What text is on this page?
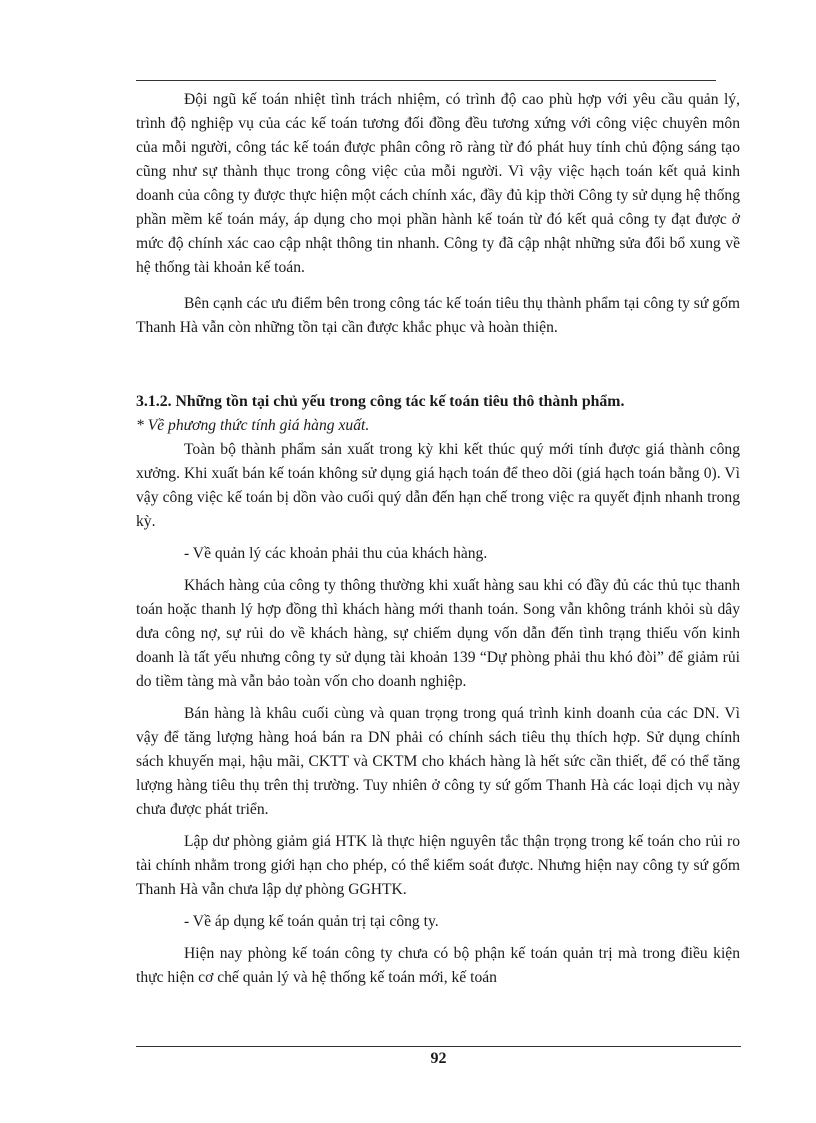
Đội ngũ kế toán nhiệt tình trách nhiệm, có trình độ cao phù hợp với yêu cầu quản lý, trình độ nghiệp vụ của các kế toán tương đối đồng đều tương xứng với công việc chuyên môn của mỗi người, công tác kế toán được phân công rõ ràng từ đó phát huy tính chủ động sáng tạo cũng như sự thành thục trong công việc của mỗi người. Vì vậy việc hạch toán kết quả kinh doanh của công ty được thực hiện một cách chính xác, đầy đủ kịp thời Công ty sử dụng hệ thống phần mềm kế toán máy, áp dụng cho mọi phần hành kế toán từ đó kết quả công ty đạt được ở mức độ chính xác cao cập nhật thông tin nhanh. Công ty đã cập nhật những sửa đổi bổ xung về hệ thống tài khoản kế toán.

Bên cạnh các ưu điểm bên trong công tác kế toán tiêu thụ thành phẩm tại công ty sứ gốm Thanh Hà vẫn còn những tồn tại cần được khắc phục và hoàn thiện.

3.1.2. Những tồn tại chủ yếu trong công tác kế toán tiêu thô thành phẩm.

* Về phương thức tính giá hàng xuất.

Toàn bộ thành phẩm sản xuất trong kỳ khi kết thúc quý mới tính được giá thành công xưởng. Khi xuất bán kế toán không sử dụng giá hạch toán để theo dõi (giá hạch toán bằng 0). Vì vậy công việc kế toán bị dồn vào cuối quý dẫn đến hạn chế trong việc ra quyết định nhanh trong kỳ.

- Về quản lý các khoản phải thu của khách hàng.

Khách hàng của công ty thông thường khi xuất hàng sau khi có đầy đủ các thủ tục thanh toán hoặc thanh lý hợp đồng thì khách hàng mới thanh toán. Song vẫn không tránh khỏi sù dây dưa công nợ, sự rủi do về khách hàng, sự chiếm dụng vốn dẫn đến tình trạng thiếu vốn kinh doanh là tất yếu nhưng công ty sử dụng tài khoản 139 “Dự phòng phải thu khó đòi” để giảm rủi do tiềm tàng mà vẫn bảo toàn vốn cho doanh nghiệp.

Bán hàng là khâu cuối cùng và quan trọng trong quá trình kinh doanh của các DN. Vì vậy để tăng lượng hàng hoá bán ra DN phải có chính sách tiêu thụ thích hợp. Sử dụng chính sách khuyến mại, hậu mãi, CKTT và CKTM cho khách hàng là hết sức cần thiết, để có thể tăng lượng hàng tiêu thụ trên thị trường. Tuy nhiên ở công ty sứ gốm Thanh Hà các loại dịch vụ này chưa được phát triển.

Lập dư phòng giảm giá HTK là thực hiện nguyên tắc thận trọng trong kế toán cho rủi ro tài chính nhằm trong giới hạn cho phép, có thể kiểm soát được. Nhưng hiện nay công ty sứ gốm Thanh Hà vẫn chưa lập dự phòng GGHTK.

- Về áp dụng kế toán quản trị tại công ty.

Hiện nay phòng kế toán công ty chưa có bộ phận kế toán quản trị mà trong điều kiện thực hiện cơ chế quản lý và hệ thống kế toán mới, kế toán

92
